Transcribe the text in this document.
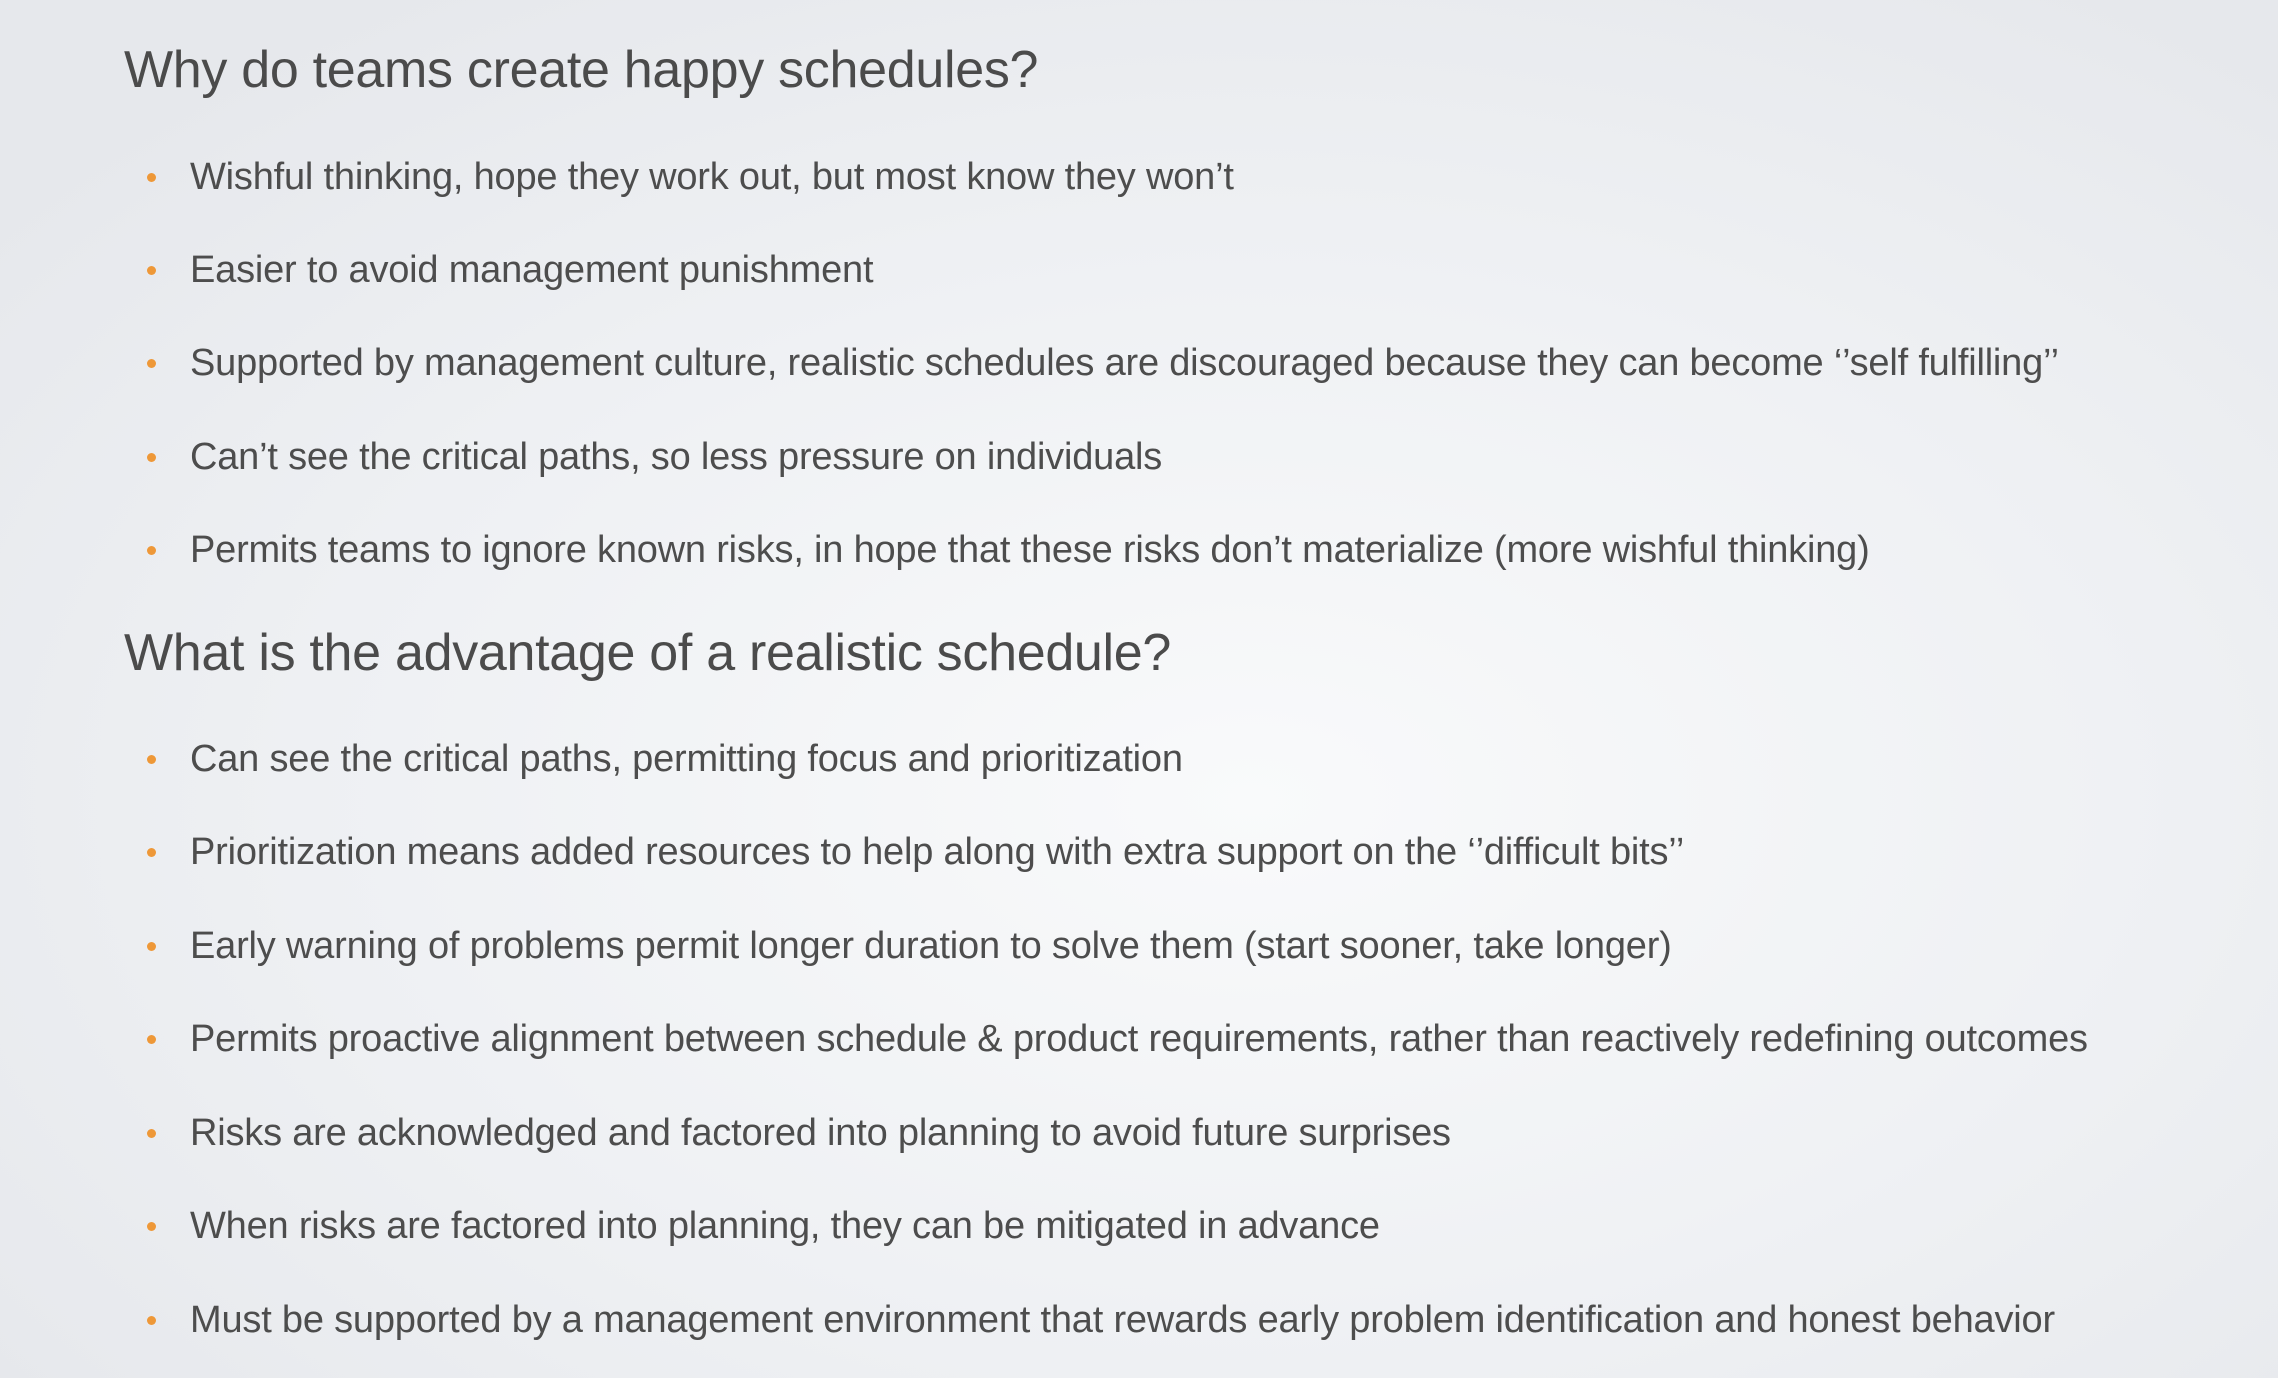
Why do teams create happy schedules?
Wishful thinking, hope they work out, but most know they won’t
Easier to avoid management punishment
Supported by management culture, realistic schedules are discouraged because they can become ‘’self fulfilling’’
Can’t see the critical paths, so less pressure on individuals
Permits teams to ignore known risks, in hope that these risks don’t materialize (more wishful thinking)
What is the advantage of a realistic schedule?
Can see the critical paths, permitting focus and prioritization
Prioritization means added resources to help along with extra support on the ‘’difficult bits’’
Early warning of problems permit longer duration to solve them (start sooner, take longer)
Permits proactive alignment between schedule & product requirements, rather than reactively redefining outcomes
Risks are acknowledged and factored into planning to avoid future surprises
When risks are factored into planning, they can be mitigated in advance
Must be supported by a management environment that rewards early problem identification and honest behavior
